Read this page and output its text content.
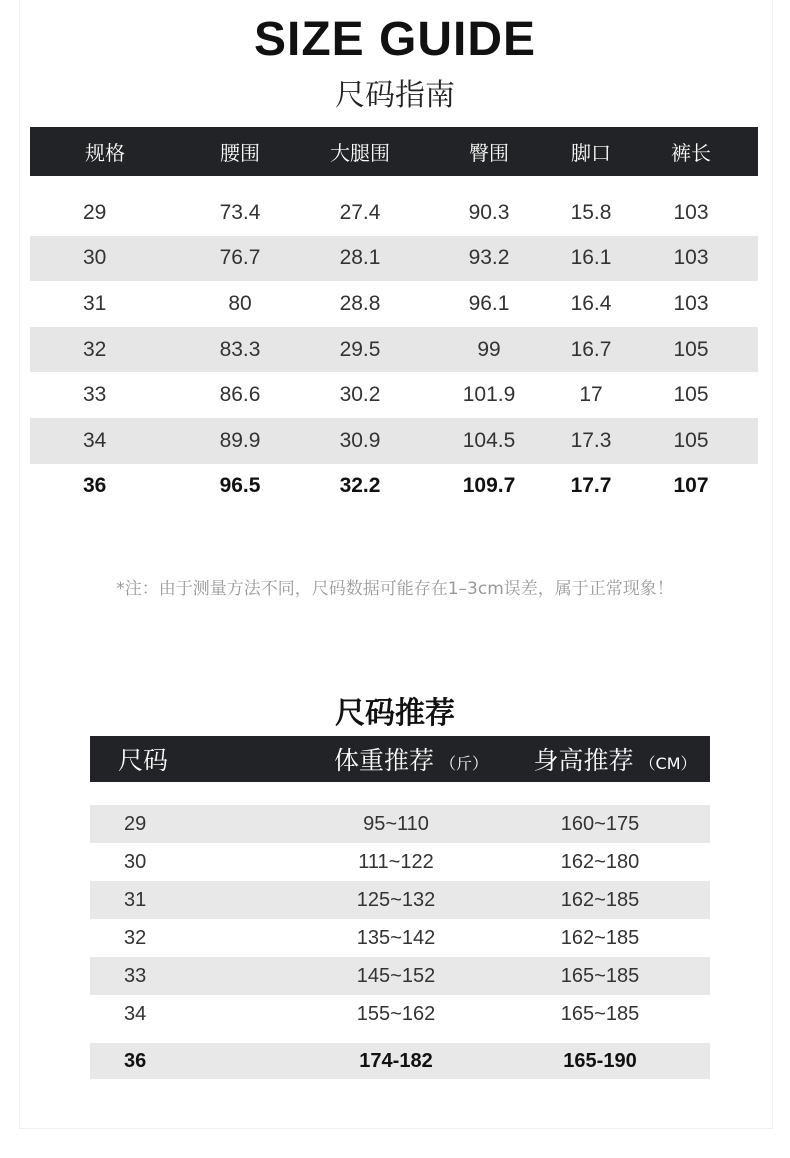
SIZE GUIDE
尺码指南
规格	腰围	大腿围	臀围	脚口	裤长
29	73.4	27.4	90.3	15.8	103
30	76.7	28.1	93.2	16.1	103
31	80	28.8	96.1	16.4	103
32	83.3	29.5	99	16.7	105
33	86.6	30.2	101.9	17	105
34	89.9	30.9	104.5	17.3	105
36	96.5	32.2	109.7	17.7	107
*注：由于测量方法不同，尺码数据可能存在1–3cm误差，属于正常现象！
尺码推荐
尺码	体重推荐 （斤）	身高推荐 （CM）
29	95~110	160~175
30	111~122	162~180
31	125~132	162~185
32	135~142	162~185
33	145~152	165~185
34	155~162	165~185
36	174-182	165-190
